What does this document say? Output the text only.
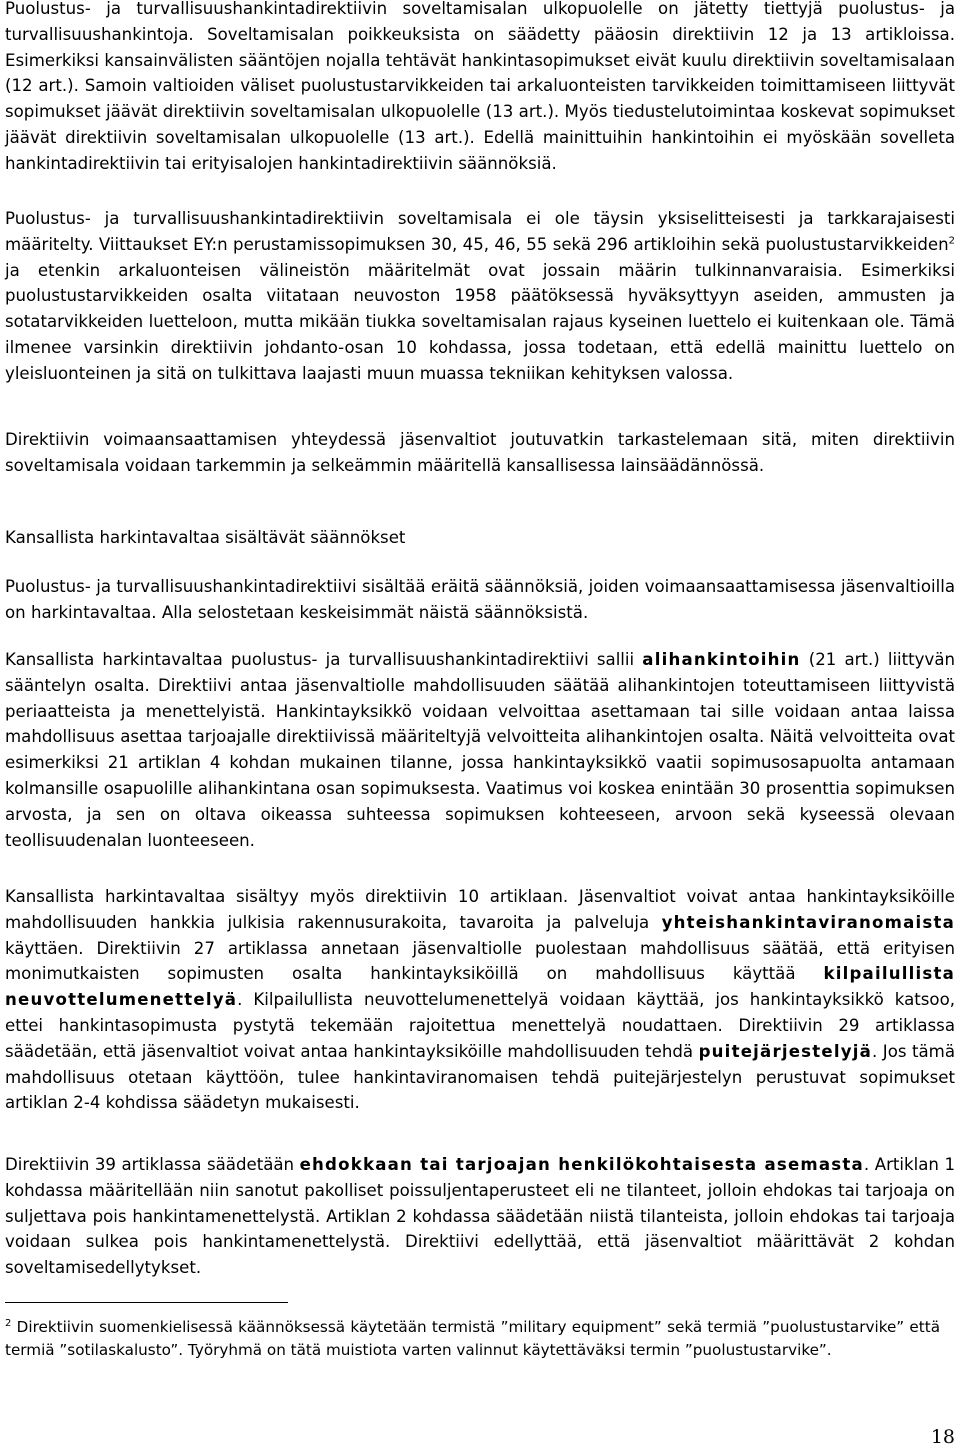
Puolustus- ja turvallisuushankintadirektiivin soveltamisalan ulkopuolelle on jätetty tiettyjä puolustus- ja turvallisuushankintoja. Soveltamisalan poikkeuksista on säädetty pääosin direktiivin 12 ja 13 artikloissa. Esimerkiksi kansainvälisten sääntöjen nojalla tehtävät hankintasopimukset eivät kuulu direktiivin soveltamisalaan (12 art.). Samoin valtioiden väliset puolustustarvikkeiden tai arkaluonteisten tarvikkeiden toimittamiseen liittyvät sopimukset jäävät direktiivin soveltamisalan ulkopuolelle (13 art.). Myös tiedustelutoimintaa koskevat sopimukset jäävät direktiivin soveltamisalan ulkopuolelle (13 art.). Edellä mainittuihin hankintoihin ei myöskään sovelleta hankintadirektiivin tai erityisalojen hankintadirektiivin säännöksiä.

Puolustus- ja turvallisuushankintadirektiivin soveltamisala ei ole täysin yksiselitteisesti ja tarkkarajaisesti määritelty. Viittaukset EY:n perustamissopimuksen 30, 45, 46, 55 sekä 296 artikloihin sekä puolustustarvikkeiden$^2$ ja etenkin arkaluonteisen välineistön määritelmät ovat jossain määrin tulkinnanvaraisia. Esimerkiksi puolustustarvikkeiden osalta viitataan neuvoston 1958 päätöksessä hyväksyttyyn aseiden, ammusten ja sotatarvikkeiden luetteloon, mutta mikään tiukka soveltamisalan rajaus kyseinen luettelo ei kuitenkaan ole. Tämä ilmenee varsinkin direktiivin johdanto-osan 10 kohdassa, jossa todetaan, että edellä mainittu luettelo on yleisluonteinen ja sitä on tulkittava laajasti muun muassa tekniikan kehityksen valossa.

Direktiivin voimaansaattamisen yhteydessä jäsenvaltiot joutuvatkin tarkastelemaan sitä, miten direktiivin soveltamisala voidaan tarkemmin ja selkeämmin määritellä kansallisessa lainsäädännössä.

Kansallista harkintavaltaa sisältävät säännökset

Puolustus- ja turvallisuushankintadirektiivi sisältää eräitä säännöksiä, joiden voimaansaattamisessa jäsenvaltioilla on harkintavaltaa. Alla selostetaan keskeisimmät näistä säännöksistä.

Kansallista harkintavaltaa puolustus- ja turvallisuushankintadirektiivi sallii alihankintoihin (21 art.) liittyvän sääntelyn osalta. Direktiivi antaa jäsenvaltiolle mahdollisuuden säätää alihankintojen toteuttamiseen liittyvistä periaatteista ja menettelyistä. Hankintayksikkö voidaan velvoittaa asettamaan tai sille voidaan antaa laissa mahdollisuus asettaa tarjoajalle direktiivissä määriteltyjä velvoitteita alihankintojen osalta. Näitä velvoitteita ovat esimerkiksi 21 artiklan 4 kohdan mukainen tilanne, jossa hankintayksikkö vaatii sopimusosapuolta antamaan kolmansille osapuolille alihankintana osan sopimuksesta. Vaatimus voi koskea enintään 30 prosenttia sopimuksen arvosta, ja sen on oltava oikeassa suhteessa sopimuksen kohteeseen, arvoon sekä kyseessä olevaan teollisuudenalan luonteeseen.

Kansallista harkintavaltaa sisältyy myös direktiivin 10 artiklaan. Jäsenvaltiot voivat antaa hankintayksiköille mahdollisuuden hankkia julkisia rakennusurakoita, tavaroita ja palveluja yhteishankintaviranomaista käyttäen. Direktiivin 27 artiklassa annetaan jäsenvaltiolle puolestaan mahdollisuus säätää, että erityisen monimutkaisten sopimusten osalta hankintayksiköillä on mahdollisuus käyttää kilpailullista neuvottelumenettelyä. Kilpailullista neuvottelumenettelyä voidaan käyttää, jos hankintayksikkö katsoo, ettei hankintasopimusta pystytä tekemään rajoitettua menettelyä noudattaen. Direktiivin 29 artiklassa säädetään, että jäsenvaltiot voivat antaa hankintayksiköille mahdollisuuden tehdä puitejärjestelyjä. Jos tämä mahdollisuus otetaan käyttöön, tulee hankintaviranomaisen tehdä puitejärjestelyn perustuvat sopimukset artiklan 2-4 kohdissa säädetyn mukaisesti.

Direktiivin 39 artiklassa säädetään ehdokkaan tai tarjoajan henkilökohtaisesta asemasta. Artiklan 1 kohdassa määritellään niin sanotut pakolliset poissuljentaperusteet eli ne tilanteet, jolloin ehdokas tai tarjoaja on suljettava pois hankintamenettelystä. Artiklan 2 kohdassa säädetään niistä tilanteista, jolloin ehdokas tai tarjoaja voidaan sulkea pois hankintamenettelystä. Direktiivi edellyttää, että jäsenvaltiot määrittävät 2 kohdan soveltamisedellytykset.

$^2$ Direktiivin suomenkielisessä käännöksessä käytetään termistä ”military equipment” sekä termiä ”puolustustarvike” että termiä ”sotilaskalusto”. Työryhmä on tätä muistiota varten valinnut käytettäväksi termin ”puolustustarvike”.

18
